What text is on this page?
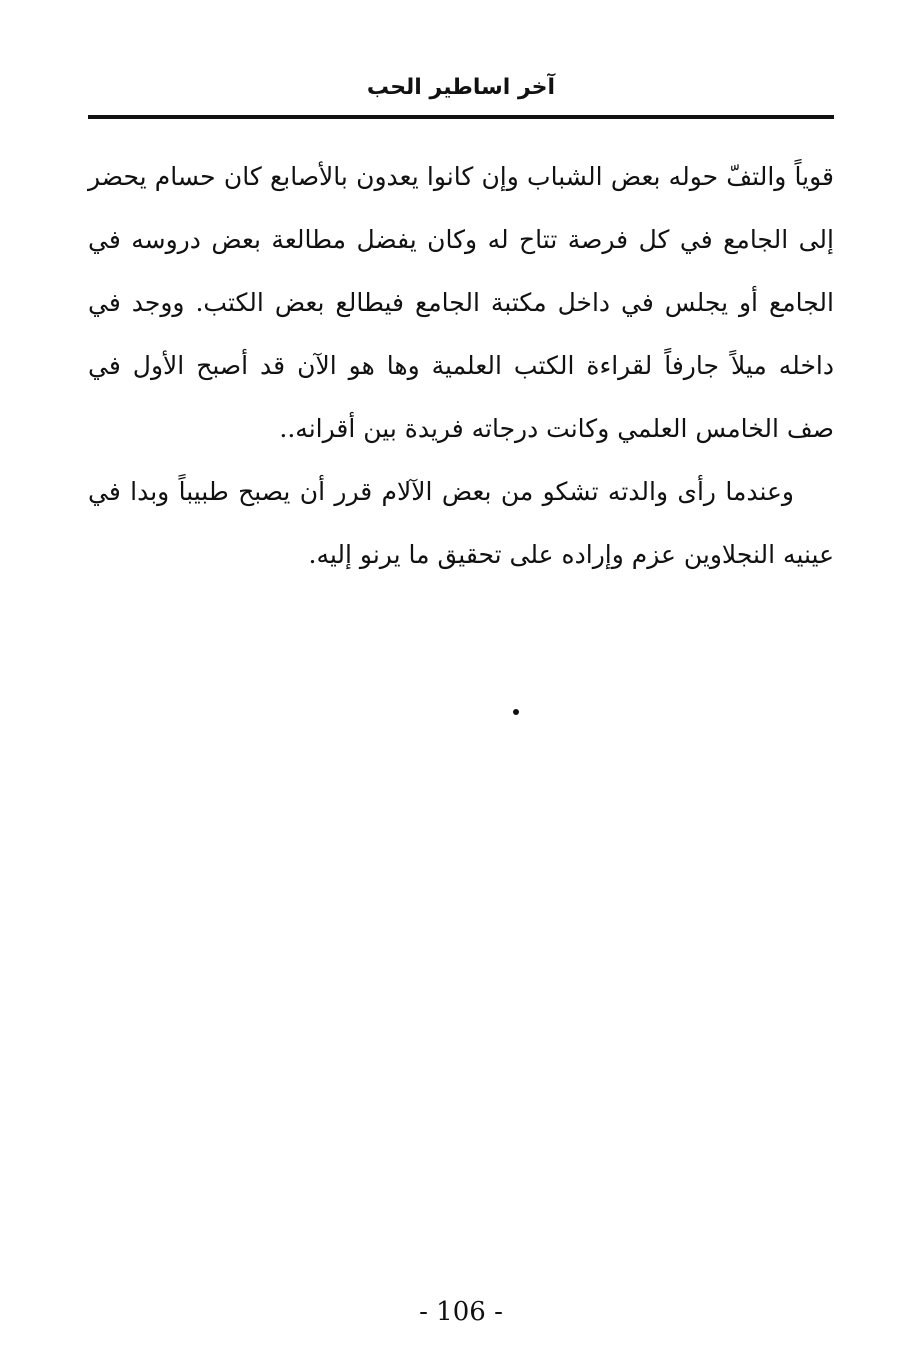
آخر اساطير الحب

قوياً والتفّ حوله بعض الشباب وإن كانوا يعدون بالأصابع كان حسام يحضر إلى الجامع في كل فرصة تتاح له وكان يفضل مطالعة بعض دروسه في الجامع أو يجلس في داخل مكتبة الجامع فيطالع بعض الكتب. ووجد في داخله ميلاً جارفاً لقراءة الكتب العلمية وها هو الآن قد أصبح الأول في صف الخامس العلمي وكانت درجاته فريدة بين أقرانه..

وعندما رأى والدته تشكو من بعض الآلام قرر أن يصبح طبيباً وبدا في عينيه النجلاوين عزم وإراده على تحقيق ما يرنو إليه.

- 106 -
